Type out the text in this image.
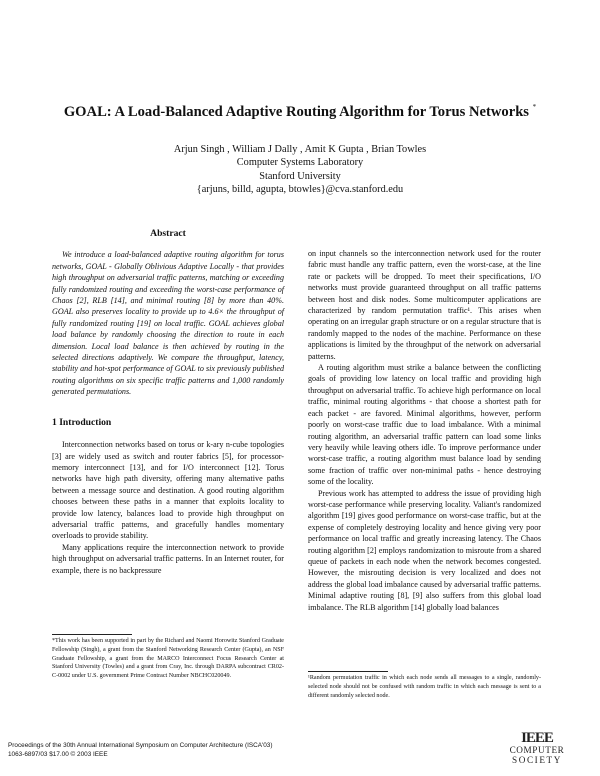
GOAL: A Load-Balanced Adaptive Routing Algorithm for Torus Networks *
Arjun Singh , William J Dally , Amit K Gupta , Brian Towles
Computer Systems Laboratory
Stanford University
{arjuns, billd, agupta, btowles}@cva.stanford.edu
Abstract

We introduce a load-balanced adaptive routing algorithm for torus networks, GOAL - Globally Oblivious Adaptive Locally - that provides high throughput on adversarial traffic patterns, matching or exceeding fully randomized routing and exceeding the worst-case performance of Chaos [2], RLB [14], and minimal routing [8] by more than 40%. GOAL also preserves locality to provide up to 4.6× the throughput of fully randomized routing [19] on local traffic. GOAL achieves global load balance by randomly choosing the direction to route in each dimension. Local load balance is then achieved by routing in the selected directions adaptively. We compare the throughput, latency, stability and hot-spot performance of GOAL to six previously published routing algorithms on six specific traffic patterns and 1,000 randomly generated permutations.

1 Introduction

Interconnection networks based on torus or k-ary n-cube topologies [3] are widely used as switch and router fabrics [5], for processor-memory interconnect [13], and for I/O interconnect [12]. Torus networks have high path diversity, offering many alternative paths between a message source and destination. A good routing algorithm chooses between these paths in a manner that exploits locality to provide low latency, balances load to provide high throughput on adversarial traffic patterns, and gracefully handles momentary overloads to provide stability.

Many applications require the interconnection network to provide high throughput on adversarial traffic patterns. In an Internet router, for example, there is no backpressure

*This work has been supported in part by the Richard and Naomi Horowitz Stanford Graduate Fellowship (Singh), a grant from the Stanford Networking Research Center (Gupta), an NSF Graduate Fellowship, a grant from the MARCO Interconnect Focus Research Center at Stanford University (Towles) and a grant from Cray, Inc. through DARPA subcontract CR02-C-0002 under U.S. government Prime Contract Number NBCHC020049.

on input channels so the interconnection network used for the router fabric must handle any traffic pattern, even the worst-case, at the line rate or packets will be dropped. To meet their specifications, I/O networks must provide guaranteed throughput on all traffic patterns between host and disk nodes. Some multicomputer applications are characterized by random permutation traffic¹. This arises when operating on an irregular graph structure or on a regular structure that is randomly mapped to the nodes of the machine. Performance on these applications is limited by the throughput of the network on adversarial patterns.

A routing algorithm must strike a balance between the conflicting goals of providing low latency on local traffic and providing high throughput on adversarial traffic. To achieve high performance on local traffic, minimal routing algorithms - that choose a shortest path for each packet - are favored. Minimal algorithms, however, perform poorly on worst-case traffic due to load imbalance. With a minimal routing algorithm, an adversarial traffic pattern can load some links very heavily while leaving others idle. To improve performance under worst-case traffic, a routing algorithm must balance load by sending some fraction of traffic over non-minimal paths - hence destroying some of the locality.

Previous work has attempted to address the issue of providing high worst-case performance while preserving locality. Valiant's randomized algorithm [19] gives good performance on worst-case traffic, but at the expense of completely destroying locality and hence giving very poor performance on local traffic and greatly increasing latency. The Chaos routing algorithm [2] employs randomization to misroute from a shared queue of packets in each node when the network becomes congested. However, the misrouting decision is very localized and does not address the global load imbalance caused by adversarial traffic patterns. Minimal adaptive routing [8], [9] also suffers from this global load imbalance. The RLB algorithm [14] globally load balances

¹Random permutation traffic in which each node sends all messages to a single, randomly-selected node should not be confused with random traffic in which each message is sent to a different randomly selected node.

Proceedings of the 30th Annual International Symposium on Computer Architecture (ISCA'03)
1063-6897/03 $17.00 © 2003 IEEE
IEEE
COMPUTER
SOCIETY
